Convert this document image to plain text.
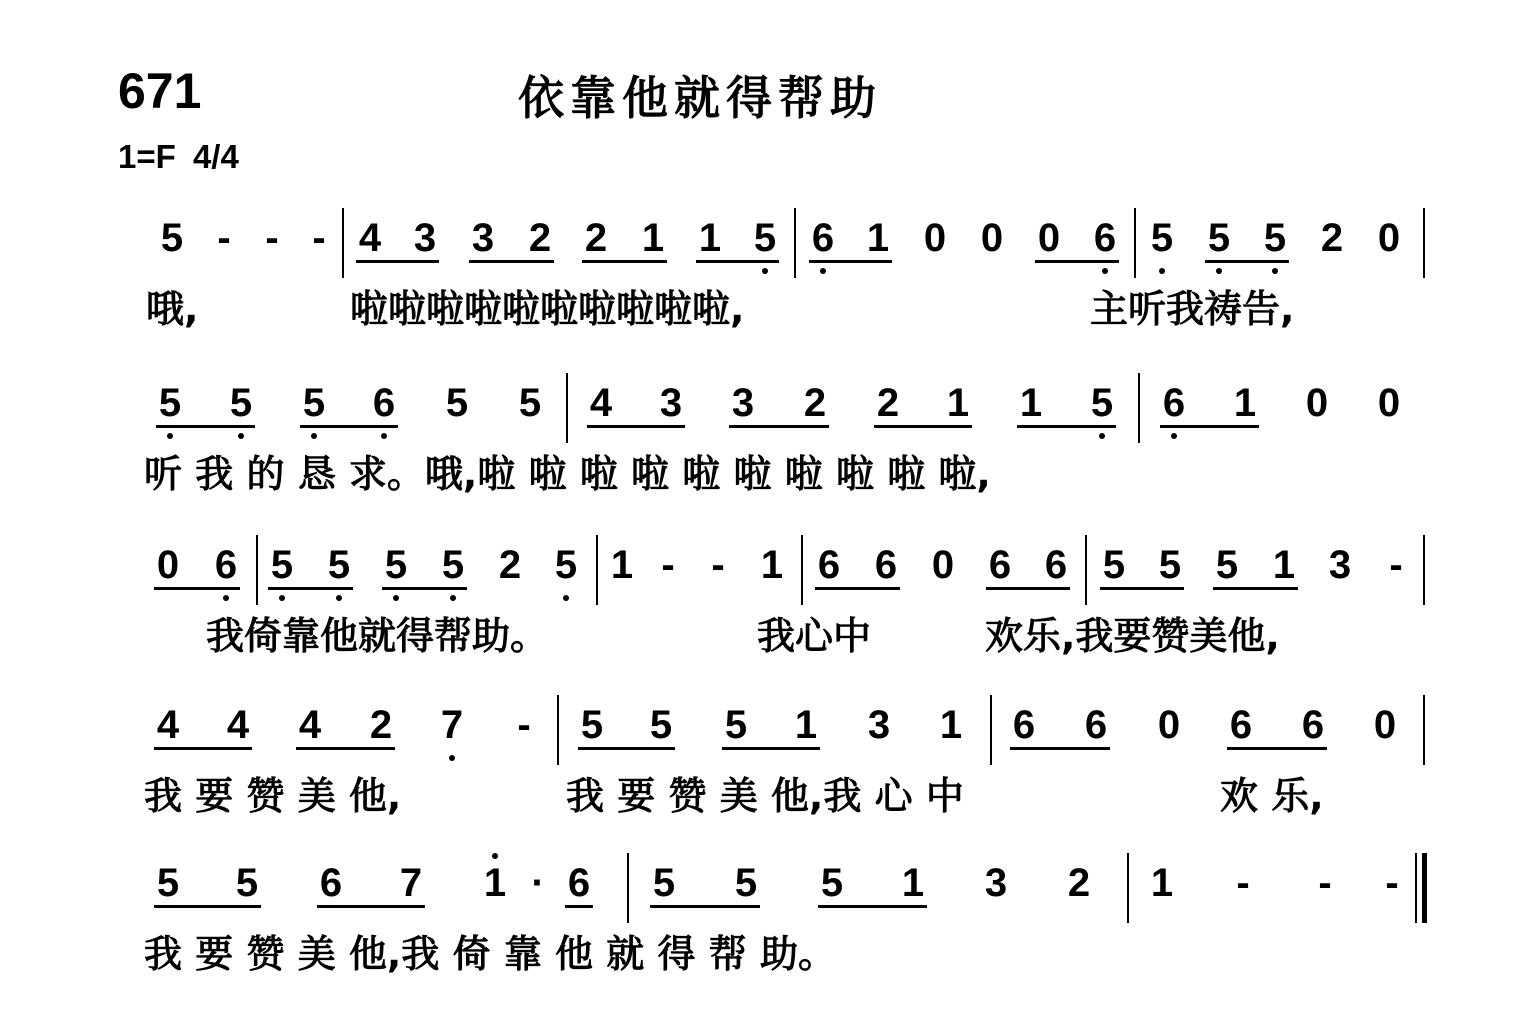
671	依靠他就得帮助
1=F 4/4
5 - - - 4 3 3 2 2 1 1 5 6 1 0 0 0 6 5 5 5 2 0
哦,	啦啦啦啦啦啦啦啦啦啦,	主听我祷告,
5 5 5 6 5 5 4 3 3 2 2 1 1 5 6 1 0 0
听 我 的 恳 求。哦,啦 啦 啦 啦 啦 啦 啦 啦 啦 啦,
0 6 5 5 5 5 2 5 1 - - 1 6 6 0 6 6 5 5 5 1 3 -
我倚靠他就得帮助。	我心中	欢乐,我要赞美他,
4 4 4 2 7 - 5 5 5 1 3 1 6 6 0 6 6 0
我 要 赞 美 他,	我 要 赞 美 他,我 心 中	欢 乐,
5 5 6 7 1 · 6 5 5 5 1 3 2 1 - - -
我 要 赞 美 他,我 倚 靠 他 就 得 帮 助。
